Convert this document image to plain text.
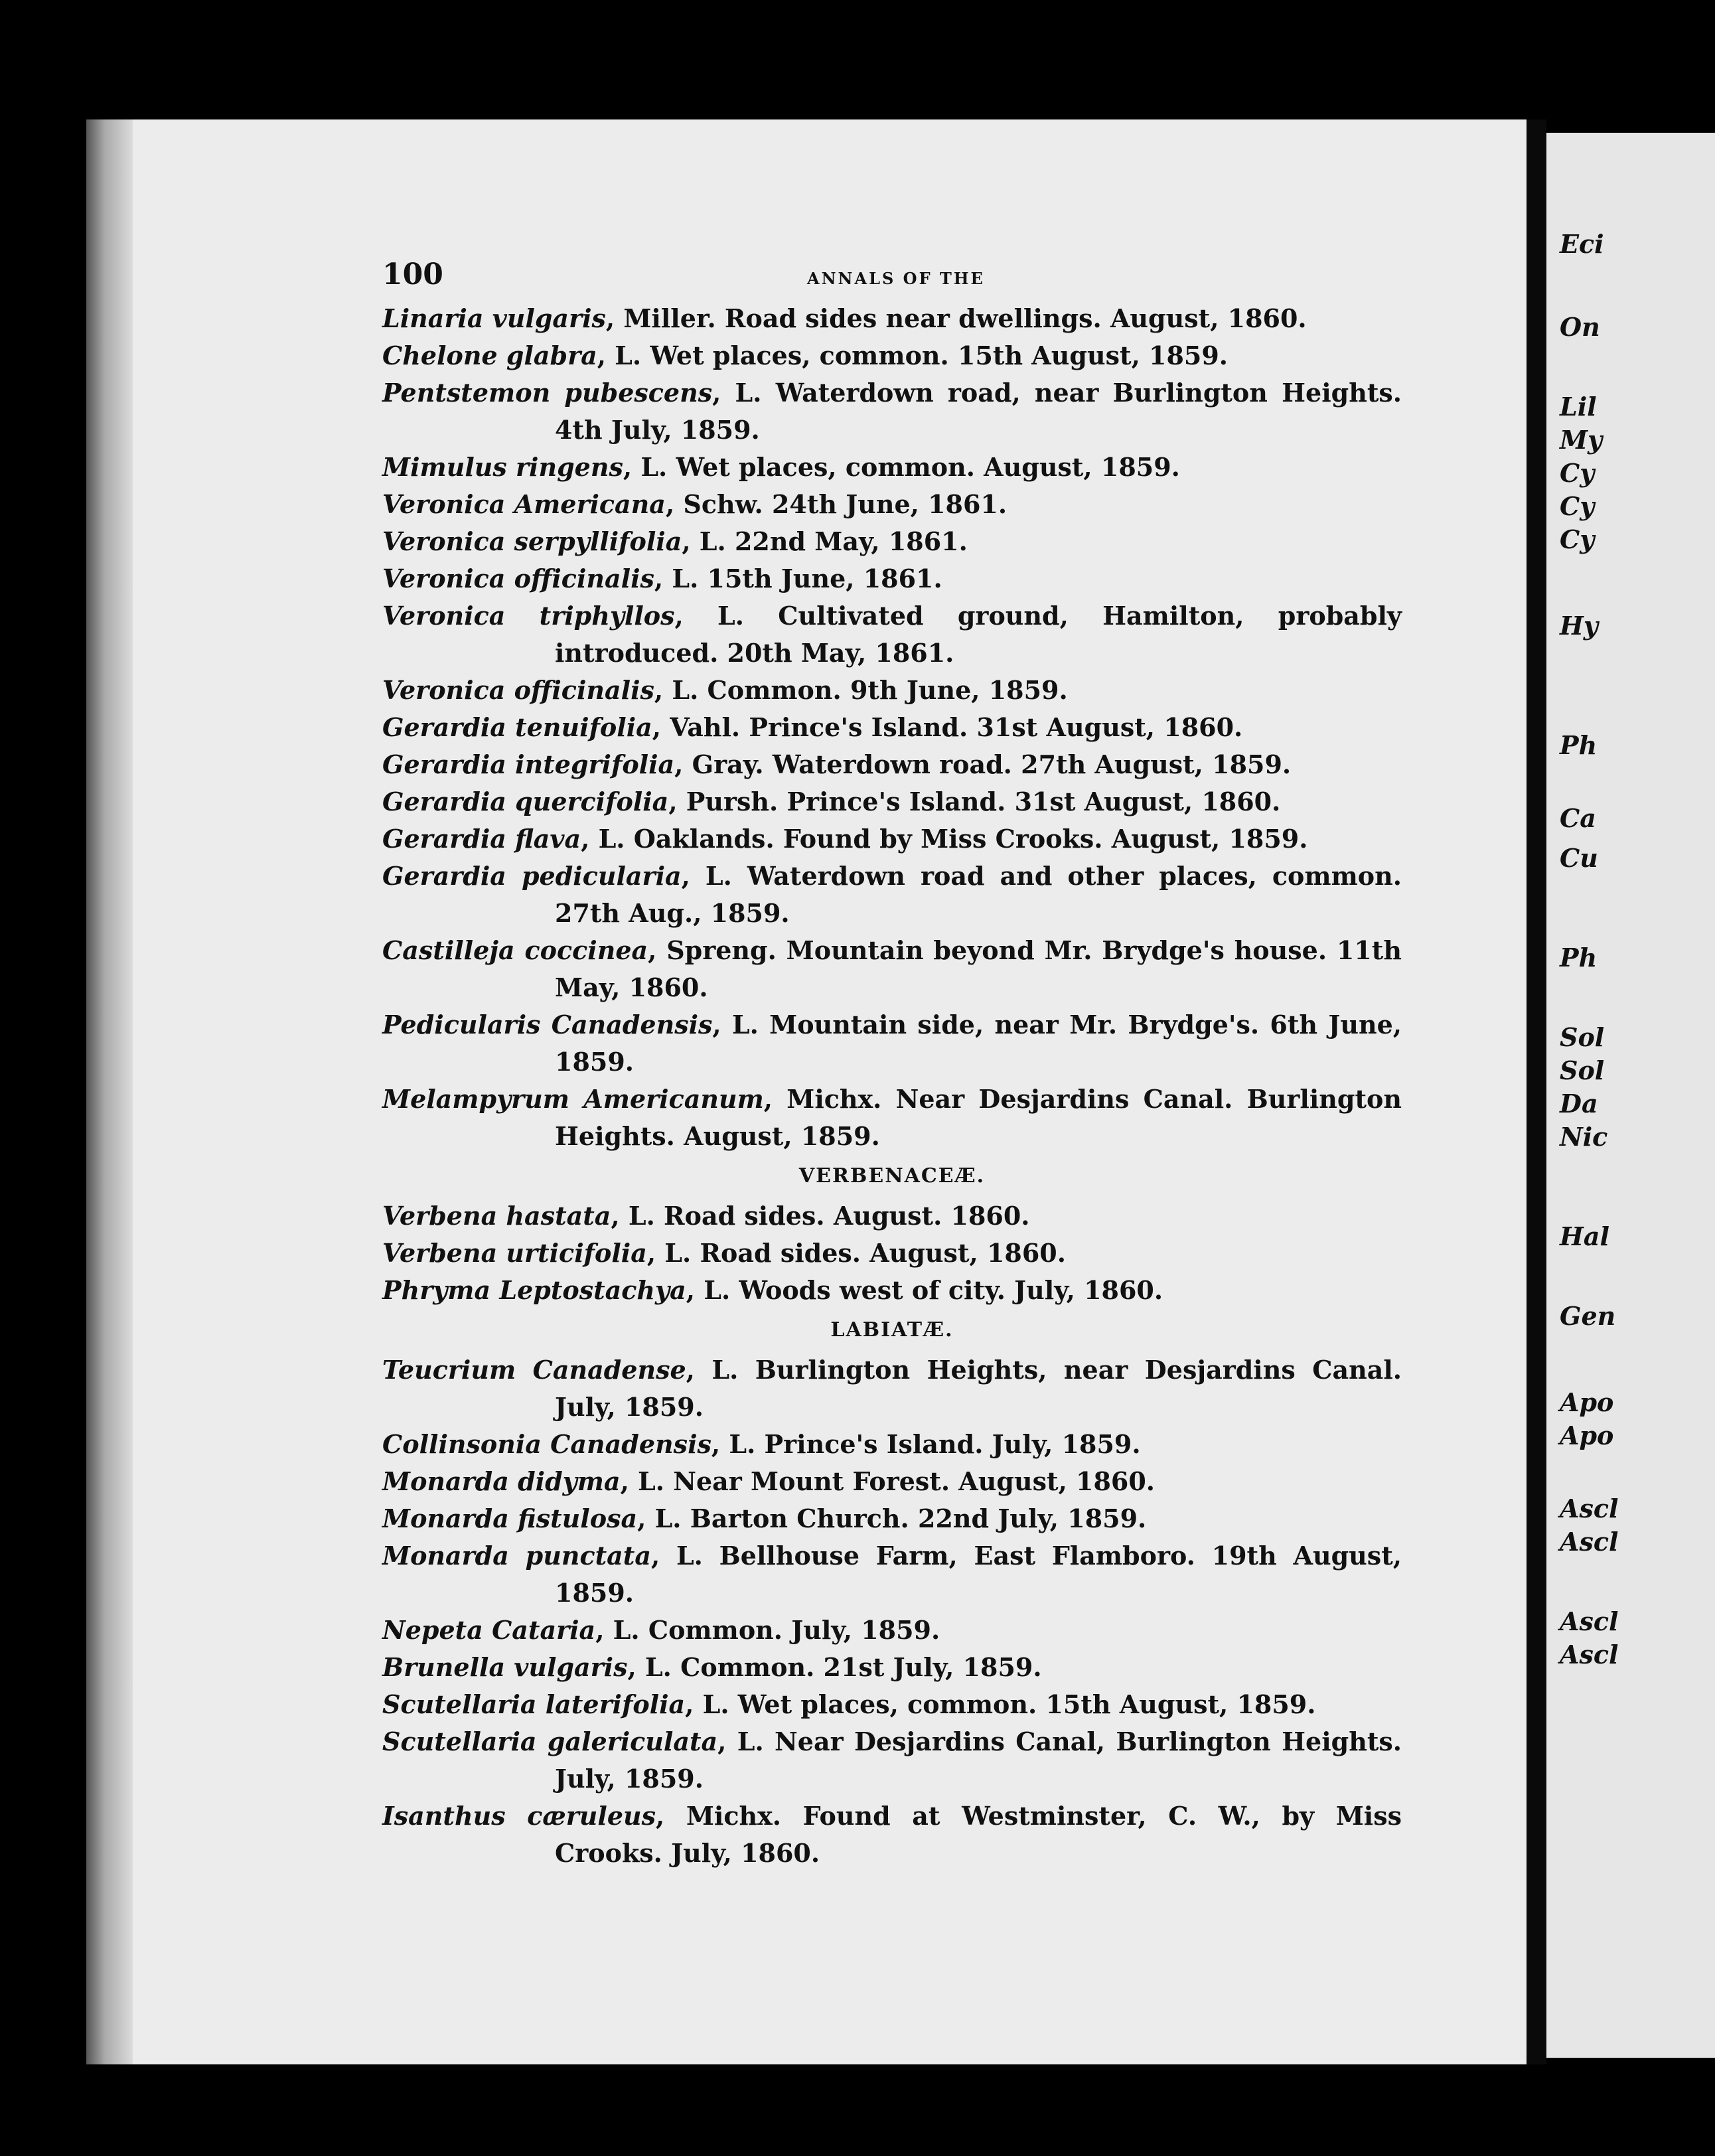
Eci
On
Lil
My
Cy
Cy
Cy
Hy
Ph
Ca
Cu
Ph
Sol
Sol
Da
Nic
Hal
Gen
Apo
Apo
Ascl
Ascl
Ascl
Ascl
100	ANNALS OF THE
Linaria vulgaris, Miller. Road sides near dwellings. August, 1860.
Chelone glabra, L. Wet places, common. 15th August, 1859.
Pentstemon pubescens, L. Waterdown road, near Burlington Heights. 4th July, 1859.
Mimulus ringens, L. Wet places, common. August, 1859.
Veronica Americana, Schw. 24th June, 1861.
Veronica serpyllifolia, L. 22nd May, 1861.
Veronica officinalis, L. 15th June, 1861.
Veronica triphyllos, L. Cultivated ground, Hamilton, probably introduced. 20th May, 1861.
Veronica officinalis, L. Common. 9th June, 1859.
Gerardia tenuifolia, Vahl. Prince's Island. 31st August, 1860.
Gerardia integrifolia, Gray. Waterdown road. 27th August, 1859.
Gerardia quercifolia, Pursh. Prince's Island. 31st August, 1860.
Gerardia flava, L. Oaklands. Found by Miss Crooks. August, 1859.
Gerardia pedicularia, L. Waterdown road and other places, common. 27th Aug., 1859.
Castilleja coccinea, Spreng. Mountain beyond Mr. Brydge's house. 11th May, 1860.
Pedicularis Canadensis, L. Mountain side, near Mr. Brydge's. 6th June, 1859.
Melampyrum Americanum, Michx. Near Desjardins Canal. Burlington Heights. August, 1859.
VERBENACEÆ.
Verbena hastata, L. Road sides. August. 1860.
Verbena urticifolia, L. Road sides. August, 1860.
Phryma Leptostachya, L. Woods west of city. July, 1860.
LABIATÆ.
Teucrium Canadense, L. Burlington Heights, near Desjardins Canal. July, 1859.
Collinsonia Canadensis, L. Prince's Island. July, 1859.
Monarda didyma, L. Near Mount Forest. August, 1860.
Monarda fistulosa, L. Barton Church. 22nd July, 1859.
Monarda punctata, L. Bellhouse Farm, East Flamboro. 19th August, 1859.
Nepeta Cataria, L. Common. July, 1859.
Brunella vulgaris, L. Common. 21st July, 1859.
Scutellaria laterifolia, L. Wet places, common. 15th August, 1859.
Scutellaria galericulata, L. Near Desjardins Canal, Burlington Heights. July, 1859.
Isanthus cæruleus, Michx. Found at Westminster, C. W., by Miss Crooks. July, 1860.
